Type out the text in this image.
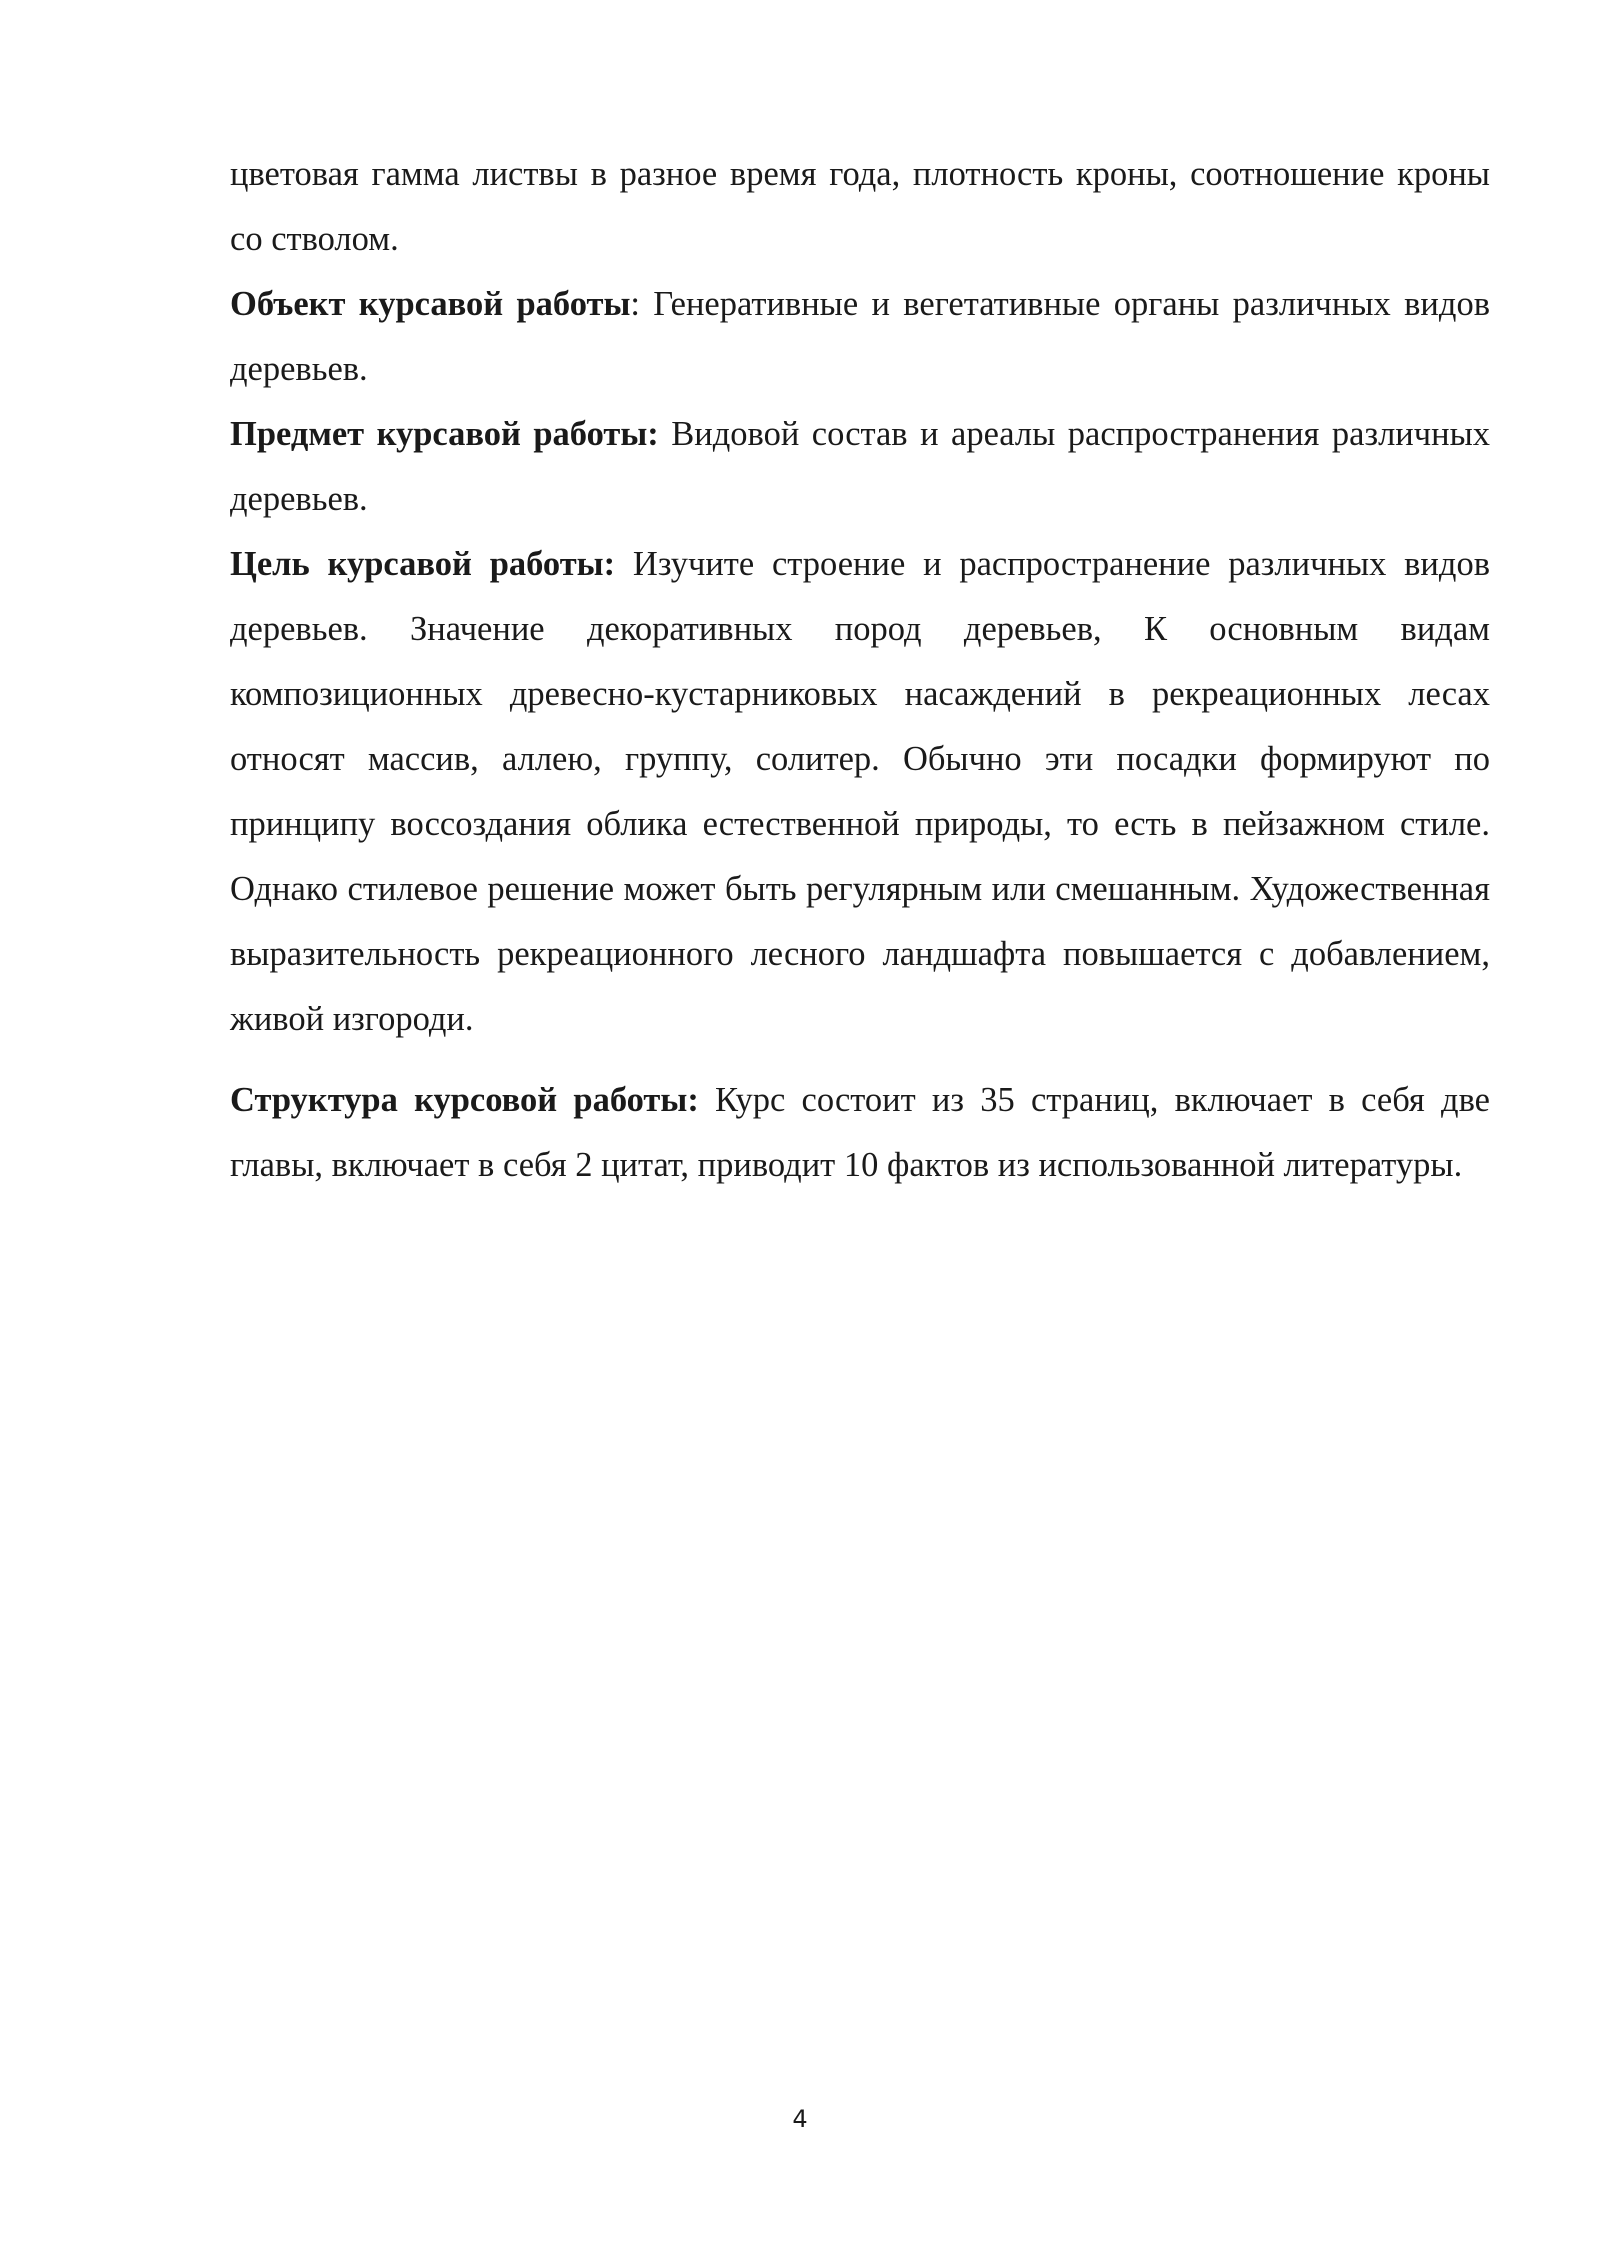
цветовая гамма листвы в разное время года, плотность кроны, соотношение кроны со стволом.

Объект курсавой работы: Генеративные и вегетативные органы различных видов деревьев.

Предмет курсавой работы: Видовой состав и ареалы распространения различных деревьев.

Цель курсавой работы: Изучите строение и распространение различных видов деревьев. Значение декоративных пород деревьев, К основным видам композиционных древесно-кустарниковых насаждений в рекреационных лесах относят массив, аллею, группу, солитер. Обычно эти посадки формируют по принципу воссоздания облика естественной природы, то есть в пейзажном стиле. Однако стилевое решение может быть регулярным или смешанным. Художественная выразительность рекреационного лесного ландшафта повышается с добавлением, живой изгороди.

Структура курсовой работы: Курс состоит из 35 страниц, включает в себя две главы, включает в себя 2 цитат, приводит 10 фактов из использованной литературы.

4
